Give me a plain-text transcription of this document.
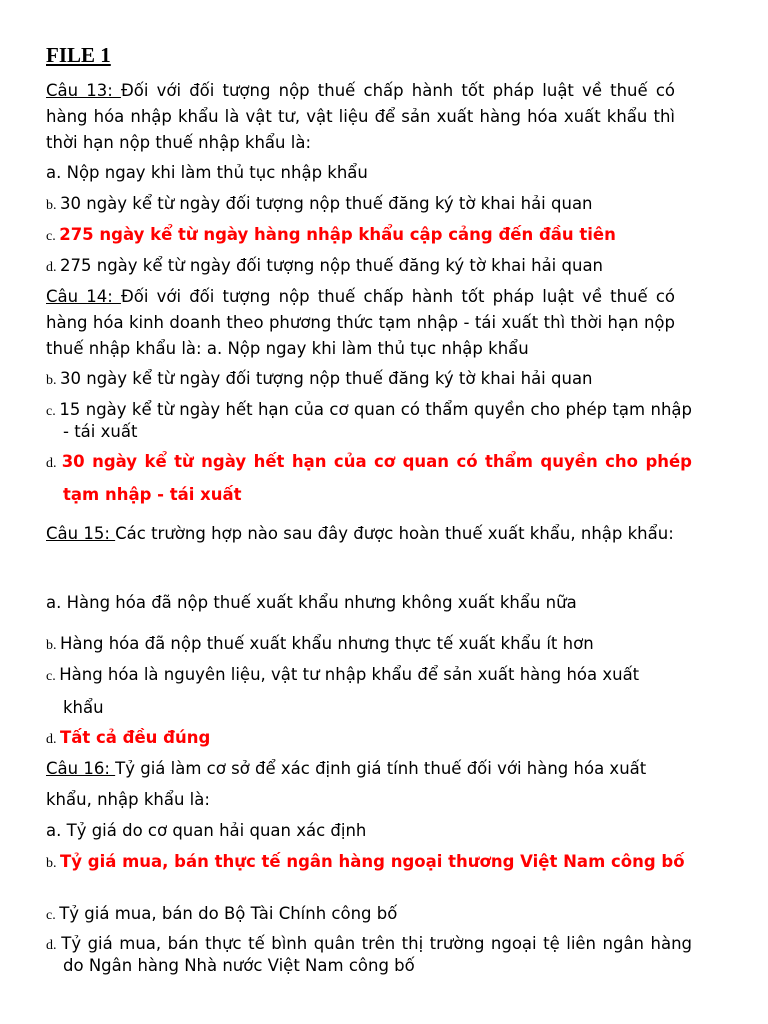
FILE 1

Câu 13: Đối với đối tượng nộp thuế chấp hành tốt pháp luật về thuế có hàng hóa nhập khẩu là vật tư, vật liệu để sản xuất hàng hóa xuất khẩu thì thời hạn nộp thuế nhập khẩu là:

a. Nộp ngay khi làm thủ tục nhập khẩu

b. 30 ngày kể từ ngày đối tượng nộp thuế đăng ký tờ khai hải quan

c. 275 ngày kể từ ngày hàng nhập khẩu cập cảng đến đầu tiên

d. 275 ngày kể từ ngày đối tượng nộp thuế đăng ký tờ khai hải quan

Câu 14: Đối với đối tượng nộp thuế chấp hành tốt pháp luật về thuế có hàng hóa kinh doanh theo phương thức tạm nhập - tái xuất thì thời hạn nộp thuế nhập khẩu là: a. Nộp ngay khi làm thủ tục nhập khẩu

b. 30 ngày kể từ ngày đối tượng nộp thuế đăng ký tờ khai hải quan

c. 15 ngày kể từ ngày hết hạn của cơ quan có thẩm quyền cho phép tạm nhập - tái xuất

d. 30 ngày kể từ ngày hết hạn của cơ quan có thẩm quyền cho phép tạm nhập - tái xuất

Câu 15: Các trường hợp nào sau đây được hoàn thuế xuất khẩu, nhập khẩu:

a. Hàng hóa đã nộp thuế xuất khẩu nhưng không xuất khẩu nữa

b. Hàng hóa đã nộp thuế xuất khẩu nhưng thực tế xuất khẩu ít hơn

c. Hàng hóa là nguyên liệu, vật tư nhập khẩu để sản xuất hàng hóa xuất khẩu

d. Tất cả đều đúng

Câu 16: Tỷ giá làm cơ sở để xác định giá tính thuế đối với hàng hóa xuất khẩu, nhập khẩu là:

a. Tỷ giá do cơ quan hải quan xác định

b. Tỷ giá mua, bán thực tế ngân hàng ngoại thương Việt Nam công bố

c. Tỷ giá mua, bán do Bộ Tài Chính công bố

d. Tỷ giá mua, bán thực tế bình quân trên thị trường ngoại tệ liên ngân hàng do Ngân hàng Nhà nước Việt Nam công bố
